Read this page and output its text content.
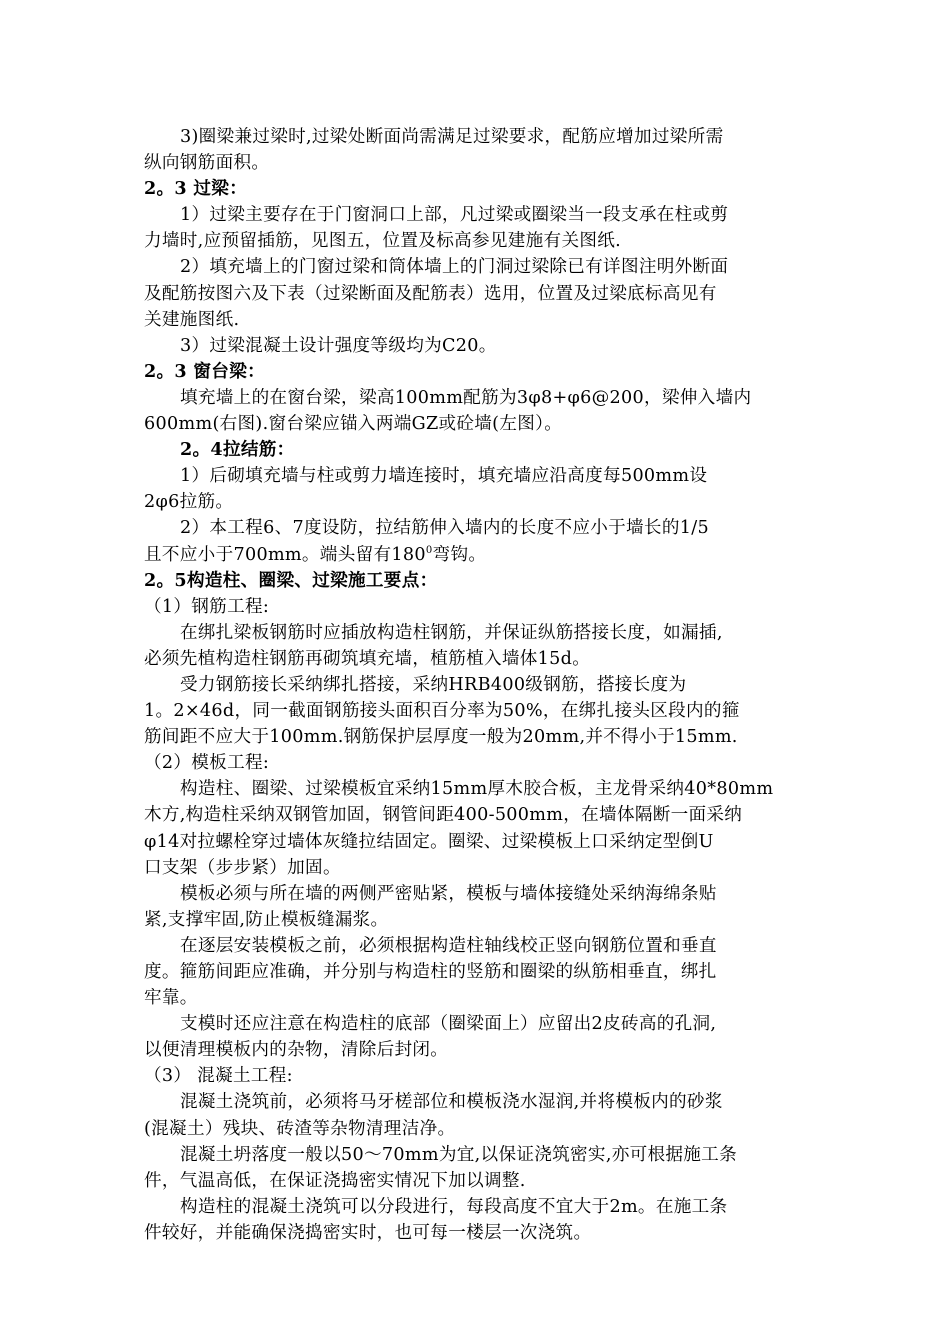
3)圈梁兼过梁时,过梁处断面尚需满足过梁要求，配筋应增加过梁所需
纵向钢筋面积。
2。3 过梁：
1）过梁主要存在于门窗洞口上部，凡过梁或圈梁当一段支承在柱或剪
力墙时,应预留插筋，见图五，位置及标高参见建施有关图纸.
2）填充墙上的门窗过梁和筒体墙上的门洞过梁除已有详图注明外断面
及配筋按图六及下表（过梁断面及配筋表）选用，位置及过梁底标高见有
关建施图纸.
3）过梁混凝土设计强度等级均为C20。
2。3 窗台梁：
填充墙上的在窗台梁，梁高100mm配筋为3φ8+φ6@200，梁伸入墙内
600mm(右图).窗台梁应锚入两端GZ或砼墙(左图）。
2。4拉结筋：
1）后砌填充墙与柱或剪力墙连接时，填充墙应沿高度每500mm设
2φ6拉筋。
2）本工程6、7度设防，拉结筋伸入墙内的长度不应小于墙长的1/5
且不应小于700mm。端头留有$180^0$弯钩。
2。5构造柱、圈梁、过梁施工要点：
（1）钢筋工程:
在绑扎梁板钢筋时应插放构造柱钢筋，并保证纵筋搭接长度，如漏插,
必须先植构造柱钢筋再砌筑填充墙，植筋植入墙体15d。
受力钢筋接长采纳绑扎搭接，采纳HRB400级钢筋，搭接长度为
1。2×46d，同一截面钢筋接头面积百分率为50%，在绑扎接头区段内的箍
筋间距不应大于100mm.钢筋保护层厚度一般为20mm,并不得小于15mm.
（2）模板工程:
构造柱、圈梁、过梁模板宜采纳15mm厚木胶合板，主龙骨采纳40*80mm
木方,构造柱采纳双钢管加固，钢管间距400-500mm，在墙体隔断一面采纳
φ14对拉螺栓穿过墙体灰缝拉结固定。圈梁、过梁模板上口采纳定型倒U
口支架（步步紧）加固。
模板必须与所在墙的两侧严密贴紧，模板与墙体接缝处采纳海绵条贴
紧,支撑牢固,防止模板缝漏浆。
在逐层安装模板之前，必须根据构造柱轴线校正竖向钢筋位置和垂直
度。箍筋间距应准确，并分别与构造柱的竖筋和圈梁的纵筋相垂直，绑扎
牢靠。
支模时还应注意在构造柱的底部（圈梁面上）应留出2皮砖高的孔洞,
以便清理模板内的杂物，清除后封闭。
（3） 混凝土工程:
混凝土浇筑前，必须将马牙槎部位和模板浇水湿润,并将模板内的砂浆
(混凝土）残块、砖渣等杂物清理洁净。
混凝土坍落度一般以50～70mm为宜,以保证浇筑密实,亦可根据施工条
件，气温高低，在保证浇捣密实情况下加以调整.
构造柱的混凝土浇筑可以分段进行，每段高度不宜大于2m。在施工条
件较好，并能确保浇捣密实时，也可每一楼层一次浇筑。
